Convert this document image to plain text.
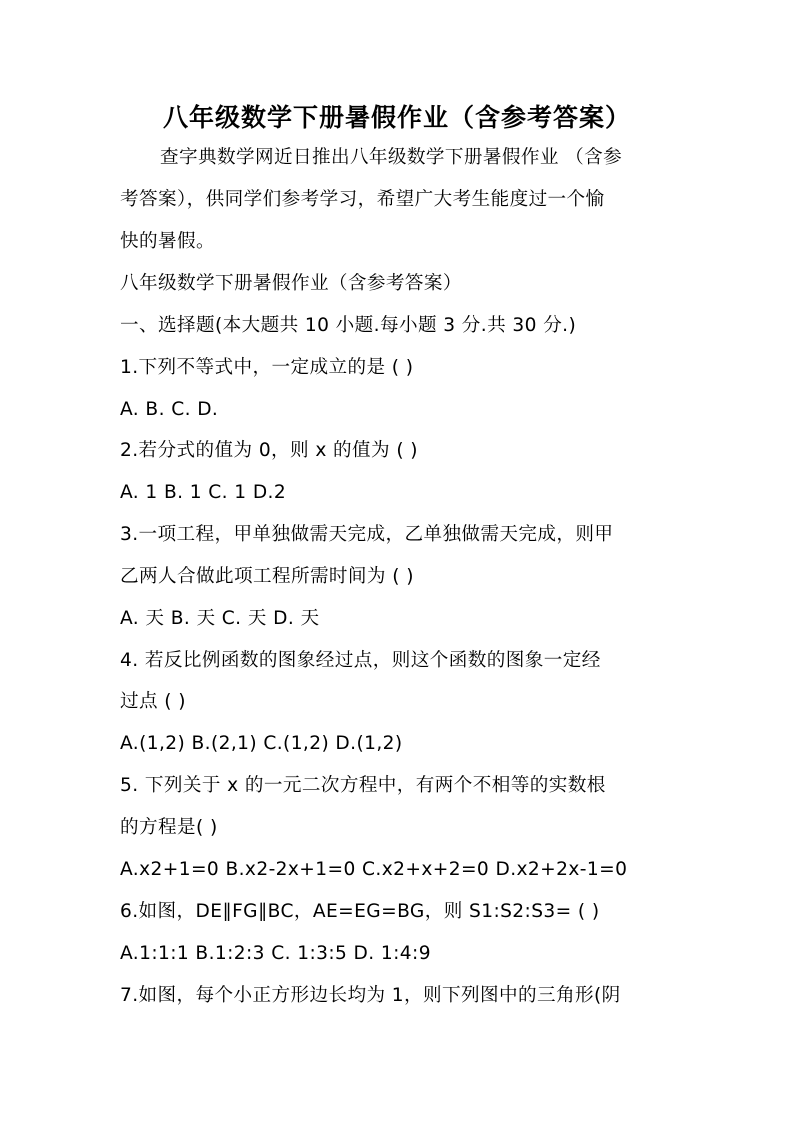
八年级数学下册暑假作业（含参考答案）
查字典数学网近日推出八年级数学下册暑假作业 （含参
考答案），供同学们参考学习，希望广大考生能度过一个愉
快的暑假。
八年级数学下册暑假作业（含参考答案）
一、选择题(本大题共 10 小题.每小题 3 分.共 30 分.)
1.下列不等式中，一定成立的是 ( )
A. B. C. D.
2.若分式的值为 0，则 x 的值为 ( )
A. 1 B. 1 C. 1 D.2
3.一项工程，甲单独做需天完成，乙单独做需天完成，则甲
乙两人合做此项工程所需时间为 ( )
A. 天 B. 天 C. 天 D. 天
4. 若反比例函数的图象经过点，则这个函数的图象一定经
过点 ( )
A.(1,2) B.(2,1) C.(1,2) D.(1,2)
5. 下列关于 x 的一元二次方程中，有两个不相等的实数根
的方程是( )
A.x2+1=0 B.x2-2x+1=0 C.x2+x+2=0 D.x2+2x-1=0
6.如图，DE∥FG∥BC，AE=EG=BG，则 S1:S2:S3= ( )
A.1:1:1 B.1:2:3 C. 1:3:5 D. 1:4:9
7.如图，每个小正方形边长均为 1，则下列图中的三角形(阴
